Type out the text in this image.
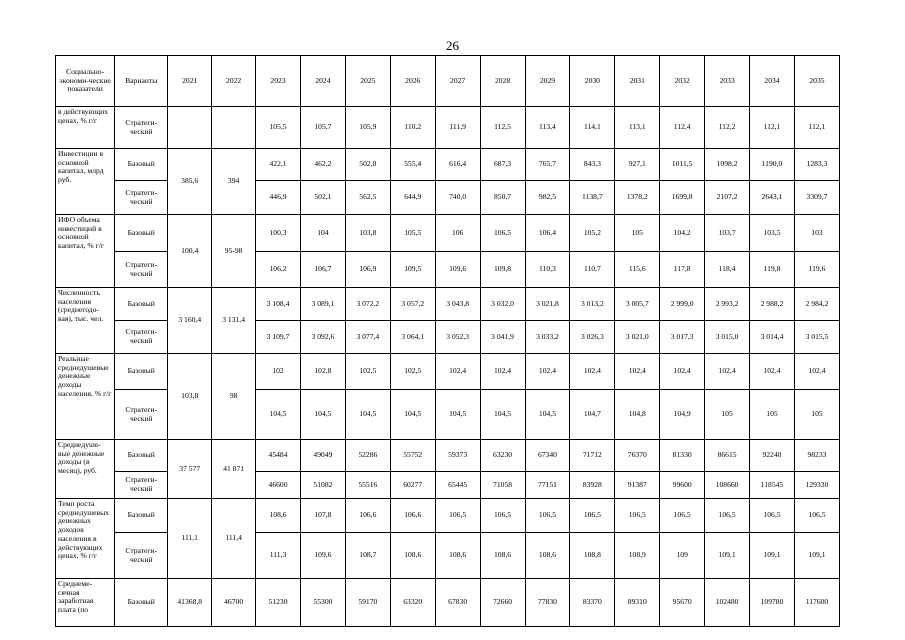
26
Социально-экономи-ческие показатели	Варианты	2021	2022	2023	2024	2025	2026	2027	2028	2029	2030	2031	2032	2033	2034	2035
в действующих ценах, % г/г	Стратеги-ческий			105,5	105,7	105,9	110,2	111,9	112,5	113,4	114,1	113,1	112,4	112,2	112,1	112,1
Инвестиции в основной капитал, млрд руб.	Базовый	385,6	394	422,1	462,2	502,8	555,4	616,4	687,3	765,7	843,3	927,1	1011,5	1098,2	1190,0	1283,3
	Стратеги-ческий			446,9	502,1	562,5	644,9	740,0	850,7	982,5	1138,7	1378,2	1699,8	2107,2	2643,1	3309,7
ИФО объема инвестиций в основной капитал, % г/г	Базовый	100,4	95-98	100,3	104	103,8	105,5	106	106,5	106,4	105,2	105	104,2	103,7	103,5	103
	Стратеги-ческий			106,2	106,7	106,9	109,5	109,6	109,8	110,3	110,7	115,6	117,8	118,4	119,8	119,6
Численность населения (среднегодо-вая), тыс. чел.	Базовый	3 160,4	3 131,4	3 108,4	3 089,1	3 072,2	3 057,2	3 043,8	3 032,0	3 021,8	3 013,2	3 005,7	2 999,0	2 993,2	2 988,2	2 984,2
	Стратеги-ческий			3 109,7	3 092,6	3 077,4	3 064,1	3 052,3	3 041,9	3 033,2	3 026,3	3 021,0	3 017,3	3 015,0	3 014,4	3 015,5
Реальные среднедушевые денежные доходы населения, % г/г	Базовый	103,8	98	102	102,8	102,5	102,5	102,4	102,4	102,4	102,4	102,4	102,4	102,4	102,4	102,4
	Стратеги-ческий			104,5	104,5	104,5	104,5	104,5	104,5	104,5	104,7	104,8	104,9	105	105	105
Среднедуше-вые денежные доходы (в месяц), руб.	Базовый	37 577	41 871	45484	49049	52286	55752	59373	63230	67340	71712	76370	81330	86615	92240	98233
	Стратеги-ческий			46600	51082	55516	60277	65445	71058	77151	83928	91387	99600	108660	118545	129330
Темп роста среднедушевых денежных доходов населения в действующих ценах, % г/г	Базовый	111,1	111,4	108,6	107,8	106,6	106,6	106,5	106,5	106,5	106,5	106,5	106,5	106,5	106,5	106,5
	Стратеги-ческий			111,3	109,6	108,7	108,6	108,6	108,6	108,6	108,8	108,9	109	109,1	109,1	109,1
Среднеме-сячная заработная плата (по	Базовый	41368,8	46700	51230	55300	59170	63320	67830	72660	77830	83370	89310	95670	102480	109780	117600
